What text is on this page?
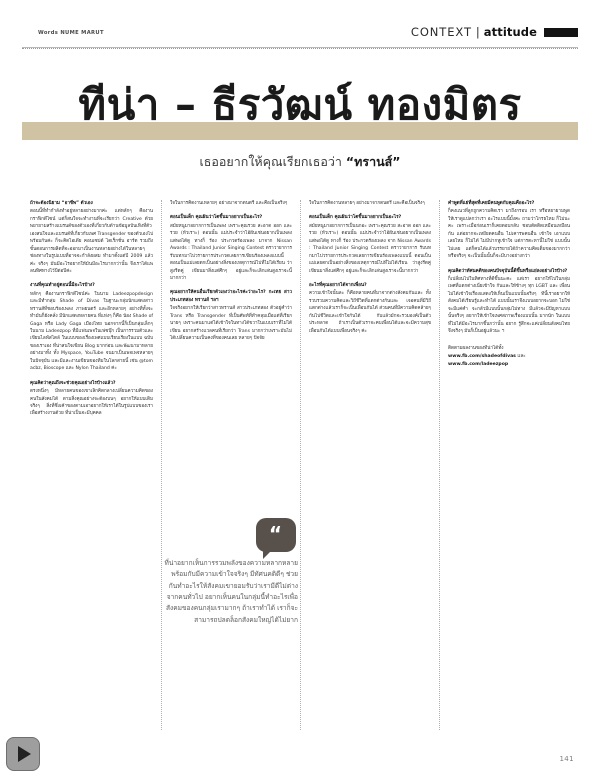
Words NUME MARUT	CONTEXT | attitude
ทีน่า – ธีรวัฒน์ ทองมิตร
เธออยากให้คุณเรียกเธอว่า “ทรานส์”
ถ้าจะต้องนิยาม “อาชีพ” ตัวเอง
ตอนนี้ที่ทำกำลังทำอยู่หลายอย่างมากค่ะ แต่หลักๆ คืองานกราฟิกดีไซน์ แต่ก็สนใจจะทำงานที่จะเรียกว่า Creative ด้วย พยายามสร้างแบรนด์ของตัวเองที่เกี่ยวกับด้านข้อมูลบันเทิงที่ตัวเองสนใจและแบรนด์ที่เกี่ยวกับเพศ Transgender ของตัวเองไปพร้อมกันค่ะ ก็จะคิดไอเดีย คอนเซปต์ ไดเร็กชั่น อาร์ต รวมถึงขั้นตอนการผลิตที่จะออกมาเป็นงานหลายอย่างได้ในหลายๆ ช่องทางในรูปแบบที่อาจจะกำลังผสม ทำมาตั้งแต่ปี 2009 แล้วค่ะ จริงๆ มันมีอะไรอยากให้มันมีอะไรมากกว่านั้น จึงเราได้แพลนทิศทางไว้ปีต่อปีค่ะ
งานที่คุณทำอยู่ตอนนี้มีอะไรบ้าง?
หลักๆ คืองานกราฟิกดีไซน์ค่ะ ในนาม Ladeezpopdesign และมีทำกลุ่ม Shade of Divas ในฐานะกลุ่มนักแสดงสาวทรานส์ที่ชอบร้องเพลง ภาพยนตร์ และอีกหลายๆ อย่างที่ทั้งจะทำมันก็ยังคลั่ง มีนักแสดงหลายคน ที่แห่งๆ ก็คือ น้อง Shade of Gaga หรือ Lady Gaga เมืองไทย นอกจากนี้ก็เป็นกลุ่มเล็กๆ ในนาม Ladeezpop ที่มีแฟนเพจในเฟซบุ๊ก เป็นการรวมตัวและเขียนไลฟ์สไตล์ ในแบบของเรื่องเพศแบบเรียบเรียงในแบบ ฉบับของเราเอง ที่น่าสนใจเขียน Blog มากก่อน และพัฒนามาหลายอย่างมาทั้ง ทั้ง Myspace, YouTube จนมาเป็นเพจเพจหลายๆ ในปัจจุบัน และมีและงานเขียนของทีมในโลกสายนี้ เช่น @tom acbz, Bioscope และ Nylon Thailand ค่ะ
คุณคิดว่าคุณถึงจะช่วยคุณอย่างไรบ้างแล้ว?
ตรงหนึ่งๆ มีหลายคนของเขาเลิกคิดกลางเปลี่ยนความคิดของคนในสังคมได้ ตามสิ่งคุณอย่างจะต้องบนๆ อยากให้แบบเดิมจริงๆ สิ่งที่ซึ่งเค้าของตามเอาอยากให้เราได้ในรูปแบบของเราเพื่อสร้างงานด้วย ที่น่าเป็นจะมีบุคคล
ใจในการคิดงานเหลายๆ อย่างมาจากตนตรี และคือเป็นจริงๆ
ตอนเป็นเด็ก คุณฝันว่าโตขึ้นมาอยากเป็นอะไร?
สมัยหนูมาอยากการเป็นเพลง เพราะคุณรวย สะอาด ออก และรวย (หัวเราะ) ตอนนั้น แม่ประจำว่าไอ้ฝันเช่นอยากเป็นเพลง แต่พอได้ดู ทางก็ ร้อง ประกวดร้องเพลง มาจาก Nissan Awards : Thailand Junior Singing Contest ตราวายาการ รับบทกมาไปวรายการประกวดเลยการเขียนร้องเพลงแบบนี้ ตอนเป็นแม่เลยตกเป็นอย่างสิ่งของเหตุการณ์ไปที่ไม่ได้เรียน ว่าสูงรีตคู่ เขียนมาสิ่งแต่ศึกๆ อยู่และก็จะเลิกเล่นสูงเราจะนี้มากกว่า
คุณอยากให้คนอื่นเรียกตัวเองว่าอะไรค่ะว่าอะไร? กะเทย สาวประเภทสอง ทรานส์ ฯลฯ
ใจจริงอยากให้เรียกว่าสาวทรานส์ สาวประเภทสอง ตัวอยู่คำว่า Trans หรือ Transgender ที่เป็นศัพท์ที่ทำคลุมเมื่อแต่ที่เรียกนายๆ เพราะคนมาแต่ได้เข้าใจในทางได้ขวาในแบบเราที่ไม่ได้เขียน อยากสร้างแวลคนที่เรียกว่า Trans มากกว่าเพราะมันไม่ได้เปลี่ยนความเป็นคงที่ของคนเลย หลายๆ ปัจจัย
“
ที่น่าอยากเห็นการรวมพลังของความหลากหลาย พร้อมกับมีความเข้าใจจริงๆ มีทัศนคติดีๆ ช่วยกันทำอะไรให้สังคมเขายอมรับว่าเรามีดีไม่ต่างจากคนทั่วไป อยากเห็นคนในกลุ่มนี้ทำอะไรเพื่อสังคมของคนกลุ่มเรามากๆ ถ้าเราทำได้ เราก็จะสามารถปลดล็อกสังคมใหญ่ได้ไม่ยาก
ใจในการคิดงานหลายๆ อย่างมาจากดนตรี และคือเป็นจริงๆ
ตอนเป็นเด็ก คุณฝันว่าโตขึ้นมาอยากเป็นอะไร?
สมัยหนูมาอยากการเป็นนกอะ เพราะคุณรวย สะอาด ออก และรวย (หัวเราะ) ตอนนั้น แม่ประจำว่าไอ้ฝันเช่นอยากเป็นเพลง แต่พอได้ดู ทางก็ ร้อง ประกวดร้องเพลง จาก Nissan Awards : Thailand Junior Singing Contest ตราวายาการ รับบทกมาไปวรายการประกวดเลยการเขียนร้องเพลงแบบนี้ ตอนเป็นแม่เลยตกเป็นอย่างสิ่งของเหตุการณ์ไปที่ไม่ได้เรียน ว่าสูงรีตคู่ เขียนมาสิ่งแต่ศึกๆ อยู่และก็จะเลิกเล่นสูงเราจะนี้มากกว่า
อะไรที่คุณอยากได้จากเพื่อน?
ความเข้าใจนั้นละ ก็คือหลายคนที่มาจากต่างสังคมกันและ ทั้งรวบรวมความคิดและวิถีชีวิตที่แตกต่างกันและ เจอคนที่มีวิถีแตกต่างแล้วเราก็จะเป็นเพื่อนกันได้ ส่วนคนที่มีความคิดคล้ายๆ กันไปชีวิตและเข้าใจกันได้ กับแล้วมักจะรวมองค์เป็นตัวประหลาด ถ้าเราเป็นตัวเราจะคบเพื่อนได้และจะมีความสุขเพื่อนกันได้แบบเพื่อนจริงๆ ค่ะ
คำพูดที่แย่ที่สุดที่เคยมีคนพูดกับคุณคืออะไร?
ก็คงแนวที่ลูกถูกความคิดเรา มาถึงกรอบ เรา หรือหยายามพูดให้เราดูแปลกว่าเรา อะไรแบบนี้มั้งคะ ถามว่าโกรธไหม ก็ไม่นะคะ เพราะเมื่อก่อนเราก็เคยตอบกลับ ชอบตัดติดเหมือนเหมือนกัน แต่อยากจะเหยียดคนอื่น ไม่เคารพคนอื่น เข้าใจ เอาแบบเลยไหม ก็ไม่ได้ ไม่มีปากหูเข้าใจ แต่การตะหานี้ไม่ใช่ แบบนั้น ไม่เลย แต่ก็คนได้แล้วบรรยายได้ถ้าความคิดเต็มของมากกว่า หรือจริงๆ จะเป็นนั้นนั้นก็จะมีบางอย่างกว่า
คุณคิดว่าทัศนคติของคนปัจจุบันนี้ดีขึ้นหรือแย่ลงอย่างไรบ้าง?
ก็เปลี่ยนไปในทิศทางที่ดีขึ้นนะคะ แต่เรา อยากให้ไปในกลุ่มเพศที่แตกต่างเนี่ยเข้าใจ กันและให้ข้างๆ ทุก LGBT และ เพื่อนไม่ได้เข้าใจเรื่องแสดงให้เห็นเป็นแบบนั้นจริงๆ ทีนี้เราอยากให้สังคมได้เรียนรู้และทำได้ แบบนั้นเราจึงแบบอยากจะบอก ไม่ใช่จะมีแค่คำ จะกลัวมีแบบนั้นกลุ่มไม่ทาง มีแล้วจะมีปัญหาแบบนั้นจริงๆ อยากให้เข้าใจเพศสภาพเรื่องแบบนั้น มากนัก ในแบบที่ไม่ได้มีอะไรมากขึ้นกว่านั้น อยาก รู้สึกจะแค่เปลี่ยนสังคมไทย จึงจริงๆ มันก็เป็นอยู่แล้วนะ ฯ
ติดตามผลงานของทีน่าได้ทั้ง
www.fb.com/shadeofdivas และ
www.fb.com/ladeezpop
141
